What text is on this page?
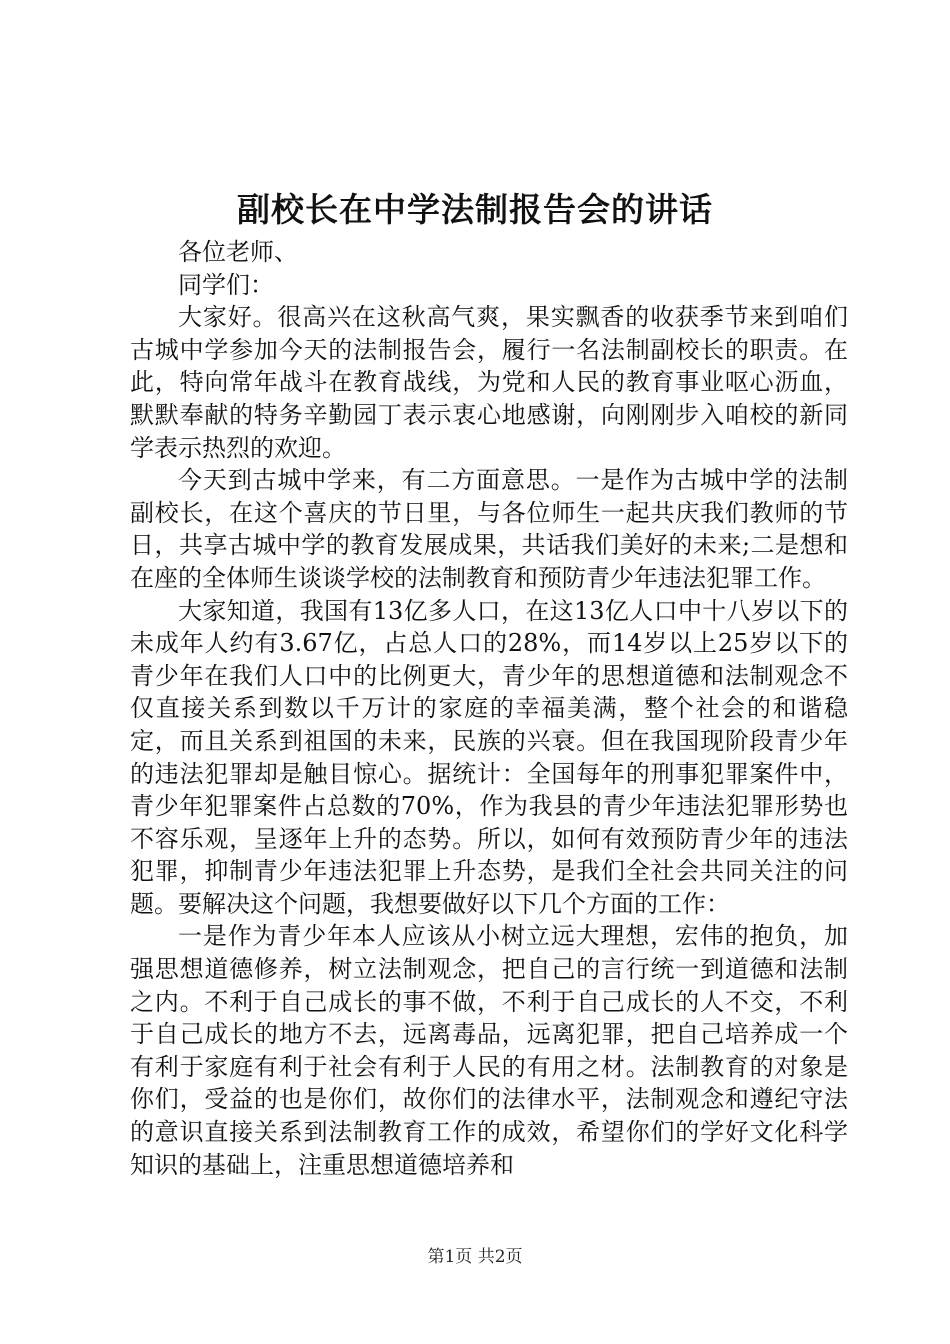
副校长在中学法制报告会的讲话

各位老师、

同学们：

大家好。很高兴在这秋高气爽，果实飘香的收获季节来到咱们古城中学参加今天的法制报告会，履行一名法制副校长的职责。在此，特向常年战斗在教育战线，为党和人民的教育事业呕心沥血，默默奉献的特务辛勤园丁表示衷心地感谢，向刚刚步入咱校的新同学表示热烈的欢迎。

今天到古城中学来，有二方面意思。一是作为古城中学的法制副校长，在这个喜庆的节日里，与各位师生一起共庆我们教师的节日，共享古城中学的教育发展成果，共话我们美好的未来;二是想和在座的全体师生谈谈学校的法制教育和预防青少年违法犯罪工作。

大家知道，我国有13亿多人口，在这13亿人口中十八岁以下的未成年人约有3.67亿，占总人口的28%，而14岁以上25岁以下的青少年在我们人口中的比例更大，青少年的思想道德和法制观念不仅直接关系到数以千万计的家庭的幸福美满，整个社会的和谐稳定，而且关系到祖国的未来，民族的兴衰。但在我国现阶段青少年的违法犯罪却是触目惊心。据统计：全国每年的刑事犯罪案件中，青少年犯罪案件占总数的70%，作为我县的青少年违法犯罪形势也不容乐观，呈逐年上升的态势。所以，如何有效预防青少年的违法犯罪，抑制青少年违法犯罪上升态势，是我们全社会共同关注的问题。要解决这个问题，我想要做好以下几个方面的工作：

一是作为青少年本人应该从小树立远大理想，宏伟的抱负，加强思想道德修养，树立法制观念，把自己的言行统一到道德和法制之内。不利于自己成长的事不做，不利于自己成长的人不交，不利于自己成长的地方不去，远离毒品，远离犯罪，把自己培养成一个有利于家庭有利于社会有利于人民的有用之材。法制教育的对象是你们，受益的也是你们，故你们的法律水平，法制观念和遵纪守法的意识直接关系到法制教育工作的成效，希望你们的学好文化科学知识的基础上，注重思想道德培养和

第1页 共2页
